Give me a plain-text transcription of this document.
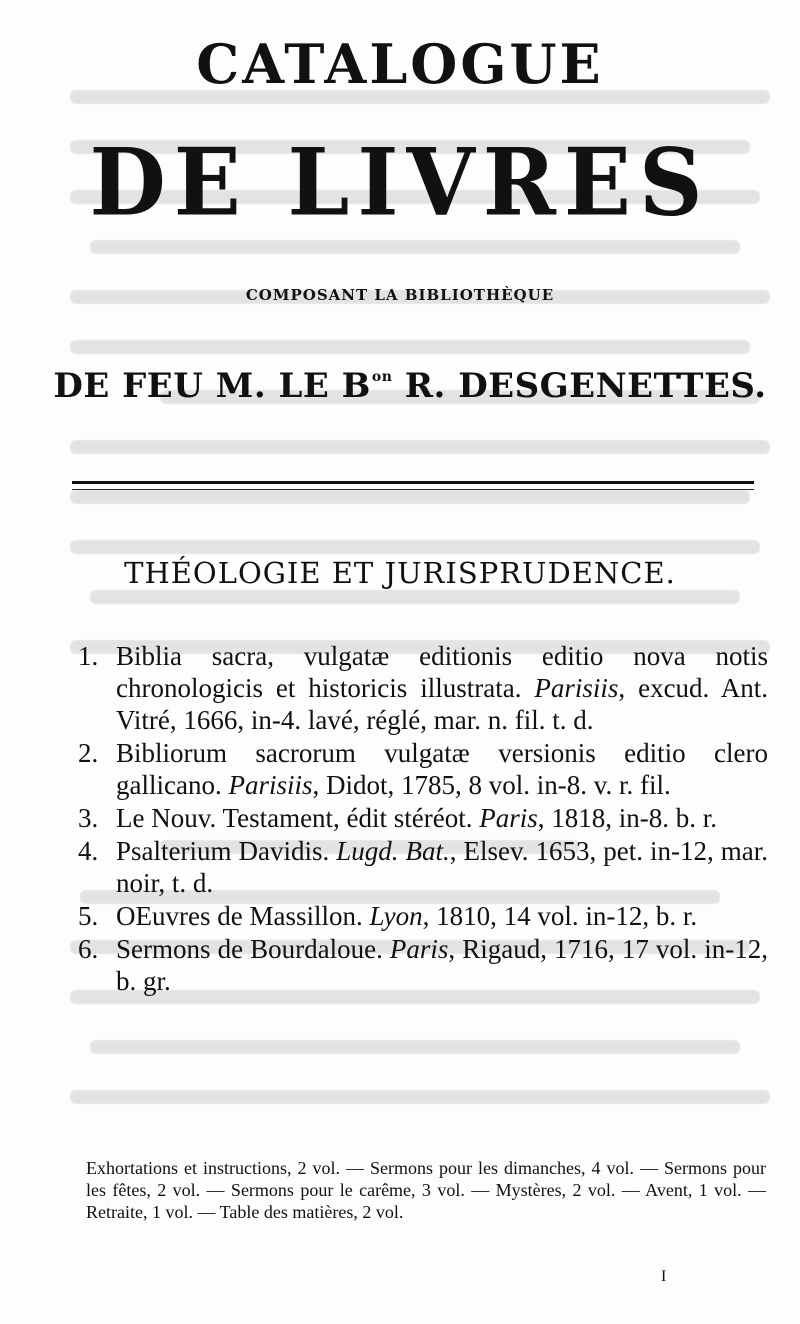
CATALOGUE
DE LIVRES
COMPOSANT LA BIBLIOTHÈQUE
DE FEU M. LE $B^{on}$ R. DESGENETTES.
THÉOLOGIE ET JURISPRUDENCE.
1. Biblia sacra, vulgatæ editionis editio nova notis chronologicis et historicis illustrata. Parisiis, excud. Ant. Vitré, 1666, in-4. lavé, réglé, mar. n. fil. t. d.
2. Bibliorum sacrorum vulgatæ versionis editio clero gallicano. Parisiis, Didot, 1785, 8 vol. in-8. v. r. fil.
3. Le Nouv. Testament, édit stéréot. Paris, 1818, in-8. b. r.
4. Psalterium Davidis. Lugd. Bat., Elsev. 1653, pet. in-12, mar. noir, t. d.
5. OEuvres de Massillon. Lyon, 1810, 14 vol. in-12, b. r.
6. Sermons de Bourdaloue. Paris, Rigaud, 1716, 17 vol. in-12, b. gr.
Exhortations et instructions, 2 vol. — Sermons pour les dimanches, 4 vol. — Sermons pour les fêtes, 2 vol. — Sermons pour le carême, 3 vol. — Mystères, 2 vol. — Avent, 1 vol. — Retraite, 1 vol. — Table des matières, 2 vol.
I
